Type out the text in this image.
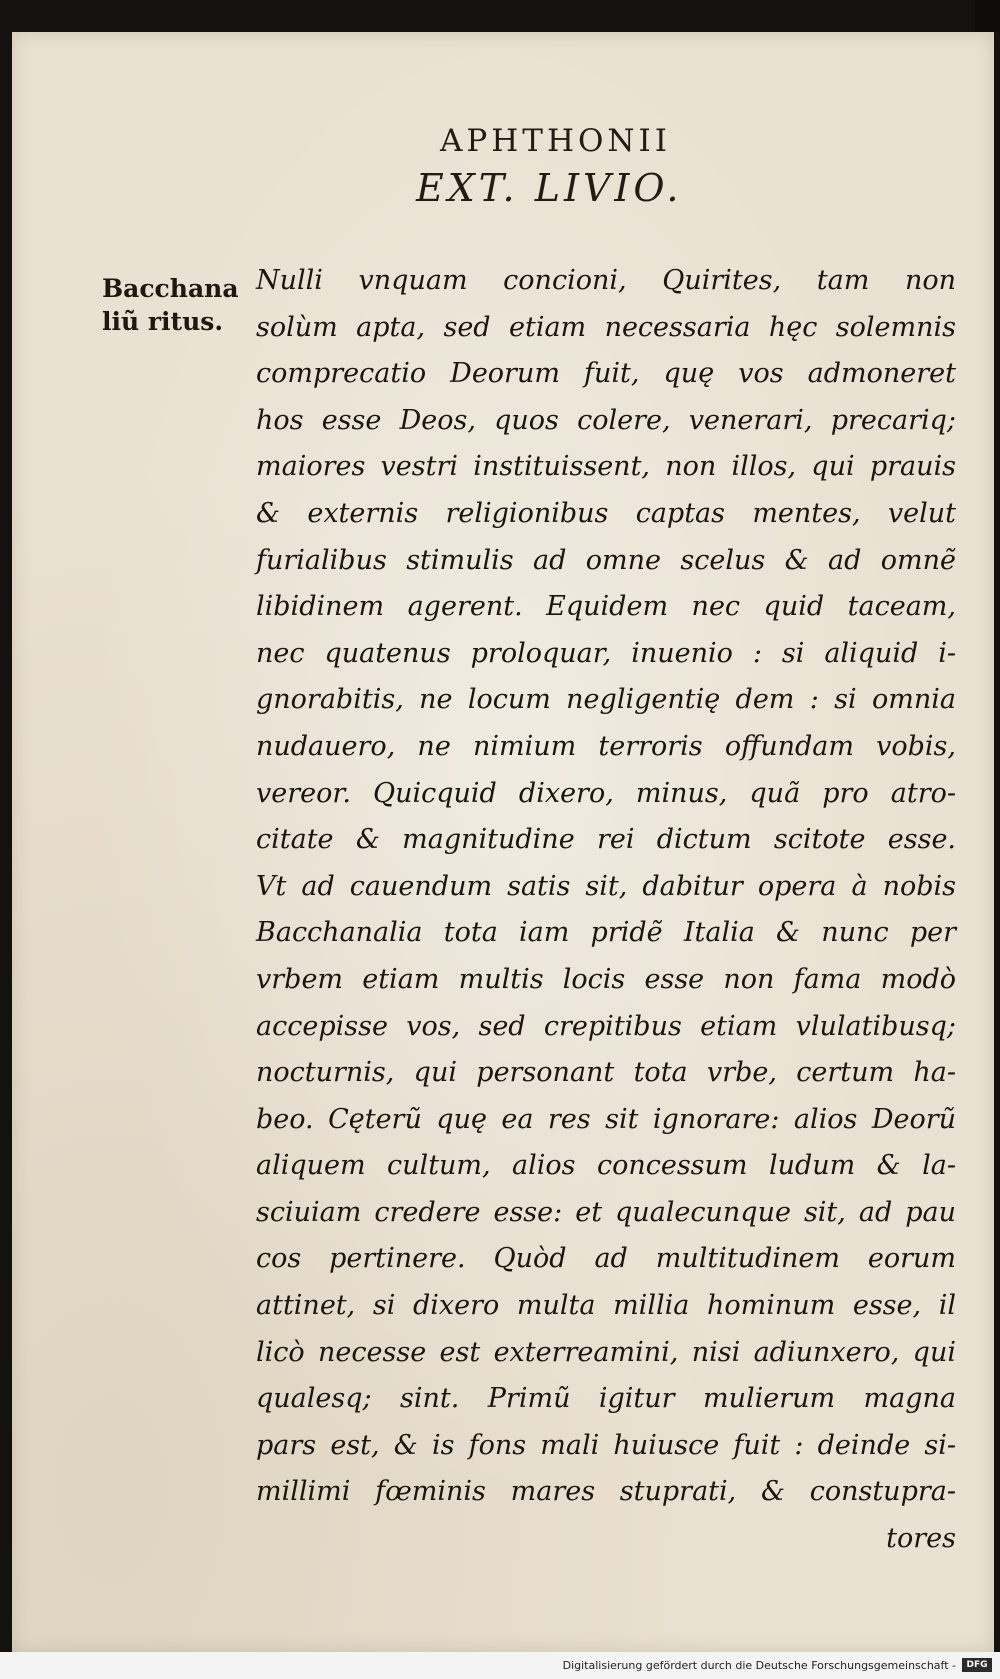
APHTHONII
EXT. LIVIO.
Bacchana
liũ ritus.
Nulli vnquam concioni, Quirites, tam non
solùm apta, sed etiam necessaria hęc solemnis
comprecatio Deorum fuit, quę vos admoneret
hos esse Deos, quos colere, venerari, precariq;
maiores vestri instituissent, non illos, qui prauis
& externis religionibus captas mentes, velut
furialibus stimulis ad omne scelus & ad omnẽ
libidinem agerent. Equidem nec quid taceam,
nec quatenus proloquar, inuenio : si aliquid i-
gnorabitis, ne locum negligentię dem : si omnia
nudauero, ne nimium terroris offundam vobis,
vereor. Quicquid dixero, minus, quã pro atro-
citate & magnitudine rei dictum scitote esse.
Vt ad cauendum satis sit, dabitur opera à nobis
Bacchanalia tota iam pridẽ Italia & nunc per
vrbem etiam multis locis esse non fama modò
accepisse vos, sed crepitibus etiam vlulatibusq;
nocturnis, qui personant tota vrbe, certum ha-
beo. Cęterũ quę ea res sit ignorare: alios Deorũ
aliquem cultum, alios concessum ludum & la-
sciuiam credere esse: et qualecunque sit, ad pau
cos pertinere. Quòd ad multitudinem eorum
attinet, si dixero multa millia hominum esse, il
licò necesse est exterreamini, nisi adiunxero, qui
qualesq; sint. Primũ igitur mulierum magna
pars est, & is fons mali huiusce fuit : deinde si-
millimi fœminis mares stuprati, & constupra-
tores
Digitalisierung gefördert durch die Deutsche Forschungsgemeinschaft -	DFG
